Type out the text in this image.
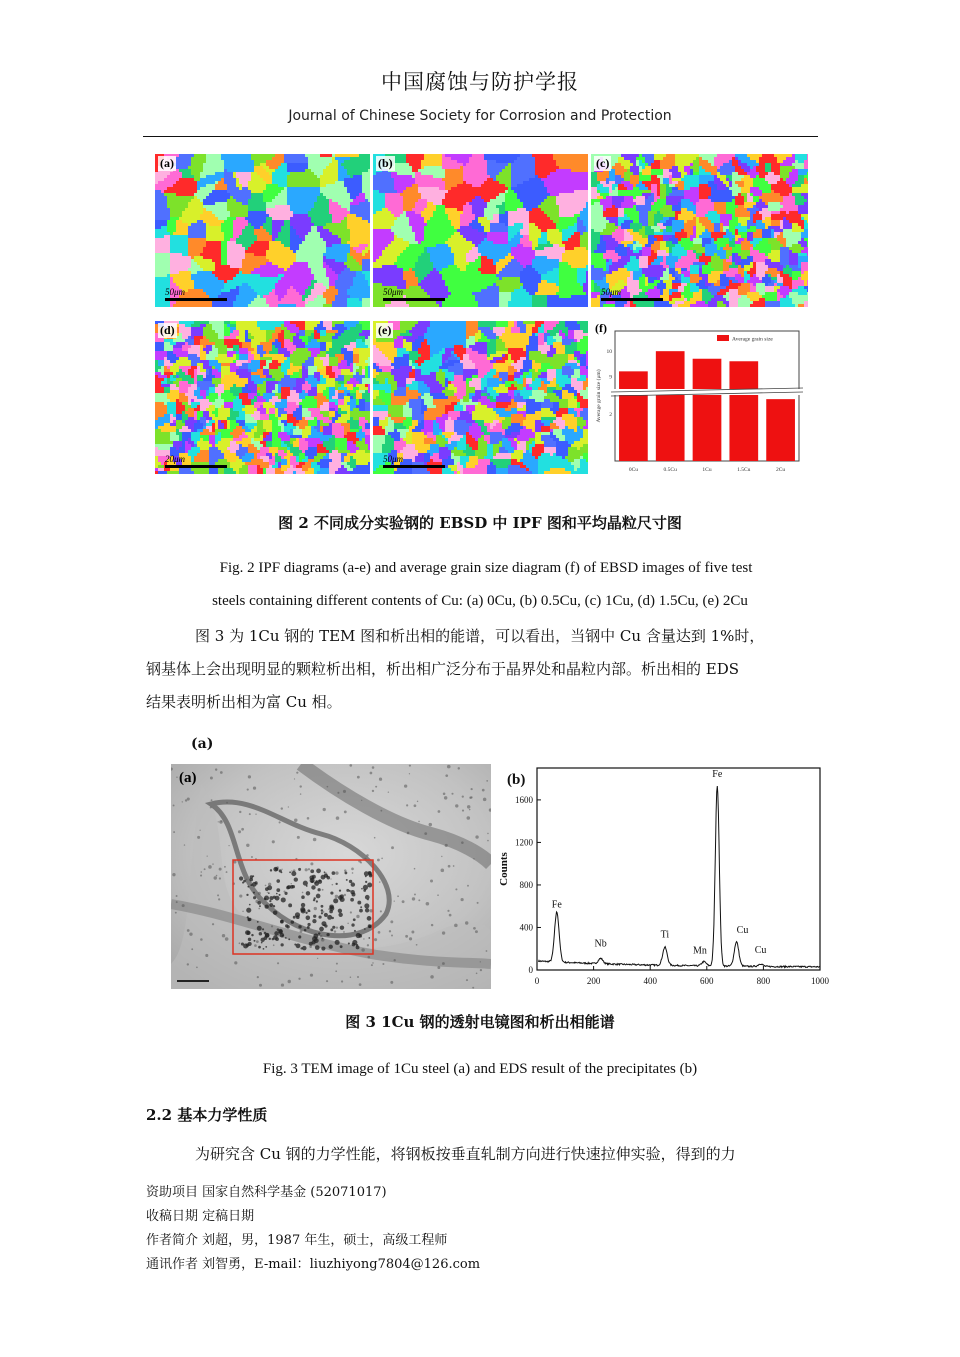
中国腐蚀与防护学报
Journal of Chinese Society for Corrosion and Protection
(a)
50μm
(b)
50μm
(c)
50μm
(d)
20μm
(e)
50μm
0Cu	0.5Cu	1Cu	1.5Cu	2Cu
2
9
10
Average grain size (μm)
Average grain size
(f)
图 2 不同成分实验钢的 EBSD 中 IPF 图和平均晶粒尺寸图
Fig. 2 IPF diagrams (a-e) and average grain size diagram (f) of EBSD images of five test
steels containing different contents of Cu: (a) 0Cu, (b) 0.5Cu, (c) 1Cu, (d) 1.5Cu, (e) 2Cu
图 3 为 1Cu 钢的 TEM 图和析出相的能谱，可以看出，当钢中 Cu 含量达到 1%时，
钢基体上会出现明显的颗粒析出相，析出相广泛分布于晶界处和晶粒内部。析出相的 EDS
结果表明析出相为富 Cu 相。
(a)
(a)
0	200	400	600	800	1000
0
400
800
1200
1600
Counts
Fe
Nb
Ti
Mn
Fe
Cu
Cu
(b)
图 3 1Cu 钢的透射电镜图和析出相能谱
Fig. 3 TEM image of 1Cu steel (a) and EDS result of the precipitates (b)
2.2 基本力学性质
为研究含 Cu 钢的力学性能，将钢板按垂直轧制方向进行快速拉伸实验，得到的力
资助项目 国家自然科学基金 (52071017)
收稿日期 定稿日期
作者简介 刘超，男，1987 年生，硕士，高级工程师
通讯作者 刘智勇，E-mail：liuzhiyong7804@126.com
